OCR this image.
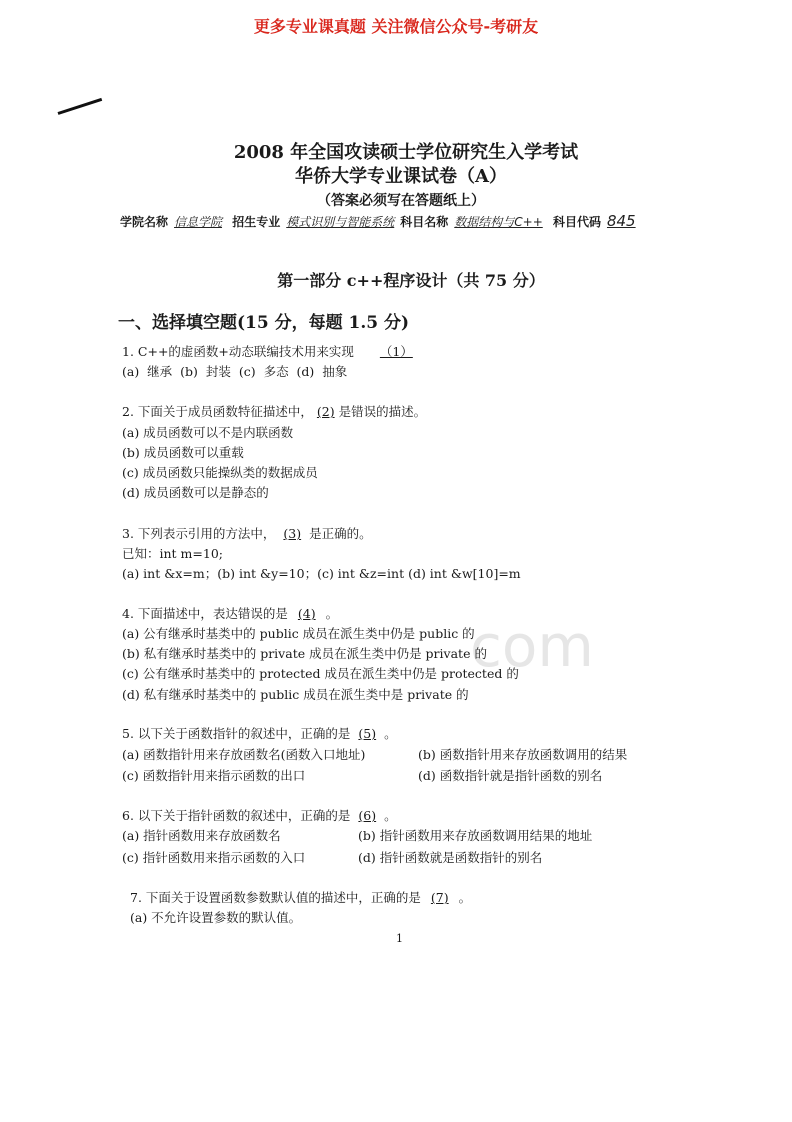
更多专业课真题 关注微信公众号-考研友
com
2008 年全国攻读硕士学位研究生入学考试
华侨大学专业课试卷（A）
（答案必须写在答题纸上）
学院名称 信息学院 招生专业 模式识别与智能系统 科目名称 数据结构与C++ 科目代码 845
第一部分 c++程序设计（共 75 分）
一、选择填空题(15 分，每题 1.5 分)
1. C++的虚函数+动态联编技术用来实现 （1）
(a) 继承 (b) 封装 (c) 多态 (d) 抽象
2. 下面关于成员函数特征描述中， (2) 是错误的描述。
(a) 成员函数可以不是内联函数
(b) 成员函数可以重载
(c) 成员函数只能操纵类的数据成员
(d) 成员函数可以是静态的
3. 下列表示引用的方法中， (3) 是正确的。
已知：int m=10;
(a) int &x=m；(b) int &y=10；(c) int &z=int (d) int &w[10]=m
4. 下面描述中，表达错误的是 (4) 。
(a) 公有继承时基类中的 public 成员在派生类中仍是 public 的
(b) 私有继承时基类中的 private 成员在派生类中仍是 private 的
(c) 公有继承时基类中的 protected 成员在派生类中仍是 protected 的
(d) 私有继承时基类中的 public 成员在派生类中是 private 的
5. 以下关于函数指针的叙述中，正确的是 (5) 。
(a) 函数指针用来存放函数名(函数入口地址)	(b) 函数指针用来存放函数调用的结果
(c) 函数指针用来指示函数的出口	(d) 函数指针就是指针函数的别名
6. 以下关于指针函数的叙述中，正确的是 (6) 。
(a) 指针函数用来存放函数名	(b) 指针函数用来存放函数调用结果的地址
(c) 指针函数用来指示函数的入口	(d) 指针函数就是函数指针的别名
7. 下面关于设置函数参数默认值的描述中，正确的是 (7) 。
(a) 不允许设置参数的默认值。
1
